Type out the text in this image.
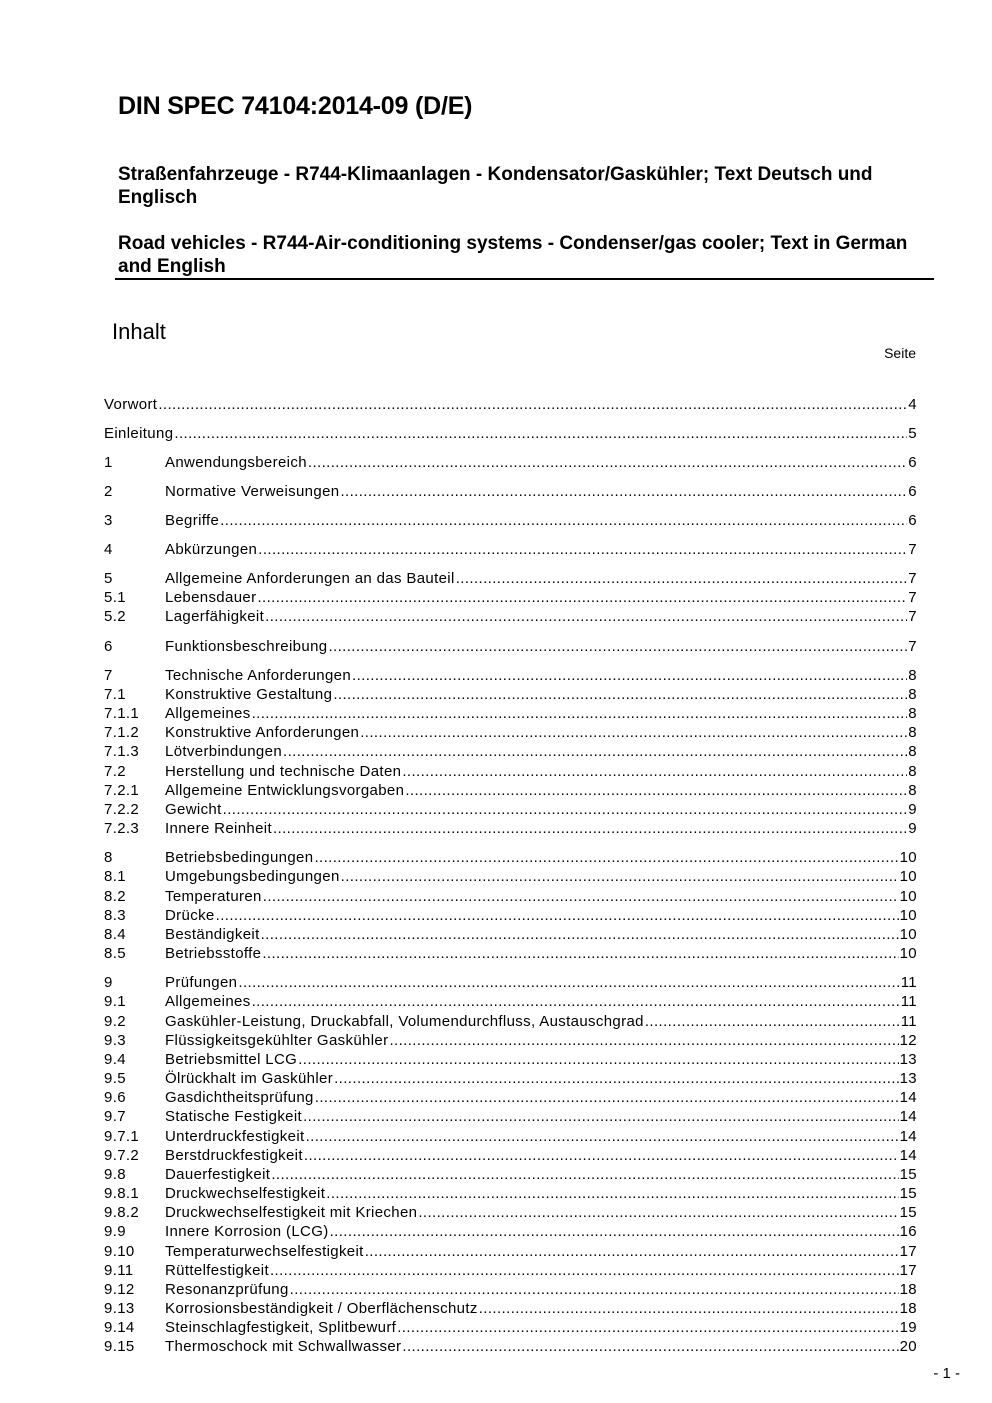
DIN SPEC 74104:2014-09 (D/E)

Straßenfahrzeuge - R744-Klimaanlagen - Kondensator/Gaskühler; Text Deutsch und Englisch

Road vehicles - R744-Air-conditioning systems - Condenser/gas cooler; Text in German and English

Inhalt
Seite
Vorwort .....	4
Einleitung .....	5
1	Anwendungsbereich .....	6
2	Normative Verweisungen .....	6
3	Begriffe .....	6
4	Abkürzungen .....	7
5	Allgemeine Anforderungen an das Bauteil .....	7
5.1	Lebensdauer .....	7
5.2	Lagerfähigkeit .....	7
6	Funktionsbeschreibung .....	7
7	Technische Anforderungen .....	8
7.1	Konstruktive Gestaltung .....	8
7.1.1	Allgemeines .....	8
7.1.2	Konstruktive Anforderungen .....	8
7.1.3	Lötverbindungen .....	8
7.2	Herstellung und technische Daten .....	8
7.2.1	Allgemeine Entwicklungsvorgaben .....	8
7.2.2	Gewicht .....	9
7.2.3	Innere Reinheit .....	9
8	Betriebsbedingungen .....	10
8.1	Umgebungsbedingungen .....	10
8.2	Temperaturen .....	10
8.3	Drücke .....	10
8.4	Beständigkeit .....	10
8.5	Betriebsstoffe .....	10
9	Prüfungen .....	11
9.1	Allgemeines .....	11
9.2	Gaskühler-Leistung, Druckabfall, Volumendurchfluss, Austauschgrad .....	11
9.3	Flüssigkeitsgekühlter Gaskühler .....	12
9.4	Betriebsmittel LCG .....	13
9.5	Ölrückhalt im Gaskühler .....	13
9.6	Gasdichtheitsprüfung .....	14
9.7	Statische Festigkeit .....	14
9.7.1	Unterdruckfestigkeit .....	14
9.7.2	Berstdruckfestigkeit .....	14
9.8	Dauerfestigkeit .....	15
9.8.1	Druckwechselfestigkeit .....	15
9.8.2	Druckwechselfestigkeit mit Kriechen .....	15
9.9	Innere Korrosion (LCG) .....	16
9.10	Temperaturwechselfestigkeit .....	17
9.11	Rüttelfestigkeit .....	17
9.12	Resonanzprüfung .....	18
9.13	Korrosionsbeständigkeit / Oberflächenschutz .....	18
9.14	Steinschlagfestigkeit, Splitbewurf .....	19
9.15	Thermoschock mit Schwallwasser .....	20
- 1 -
